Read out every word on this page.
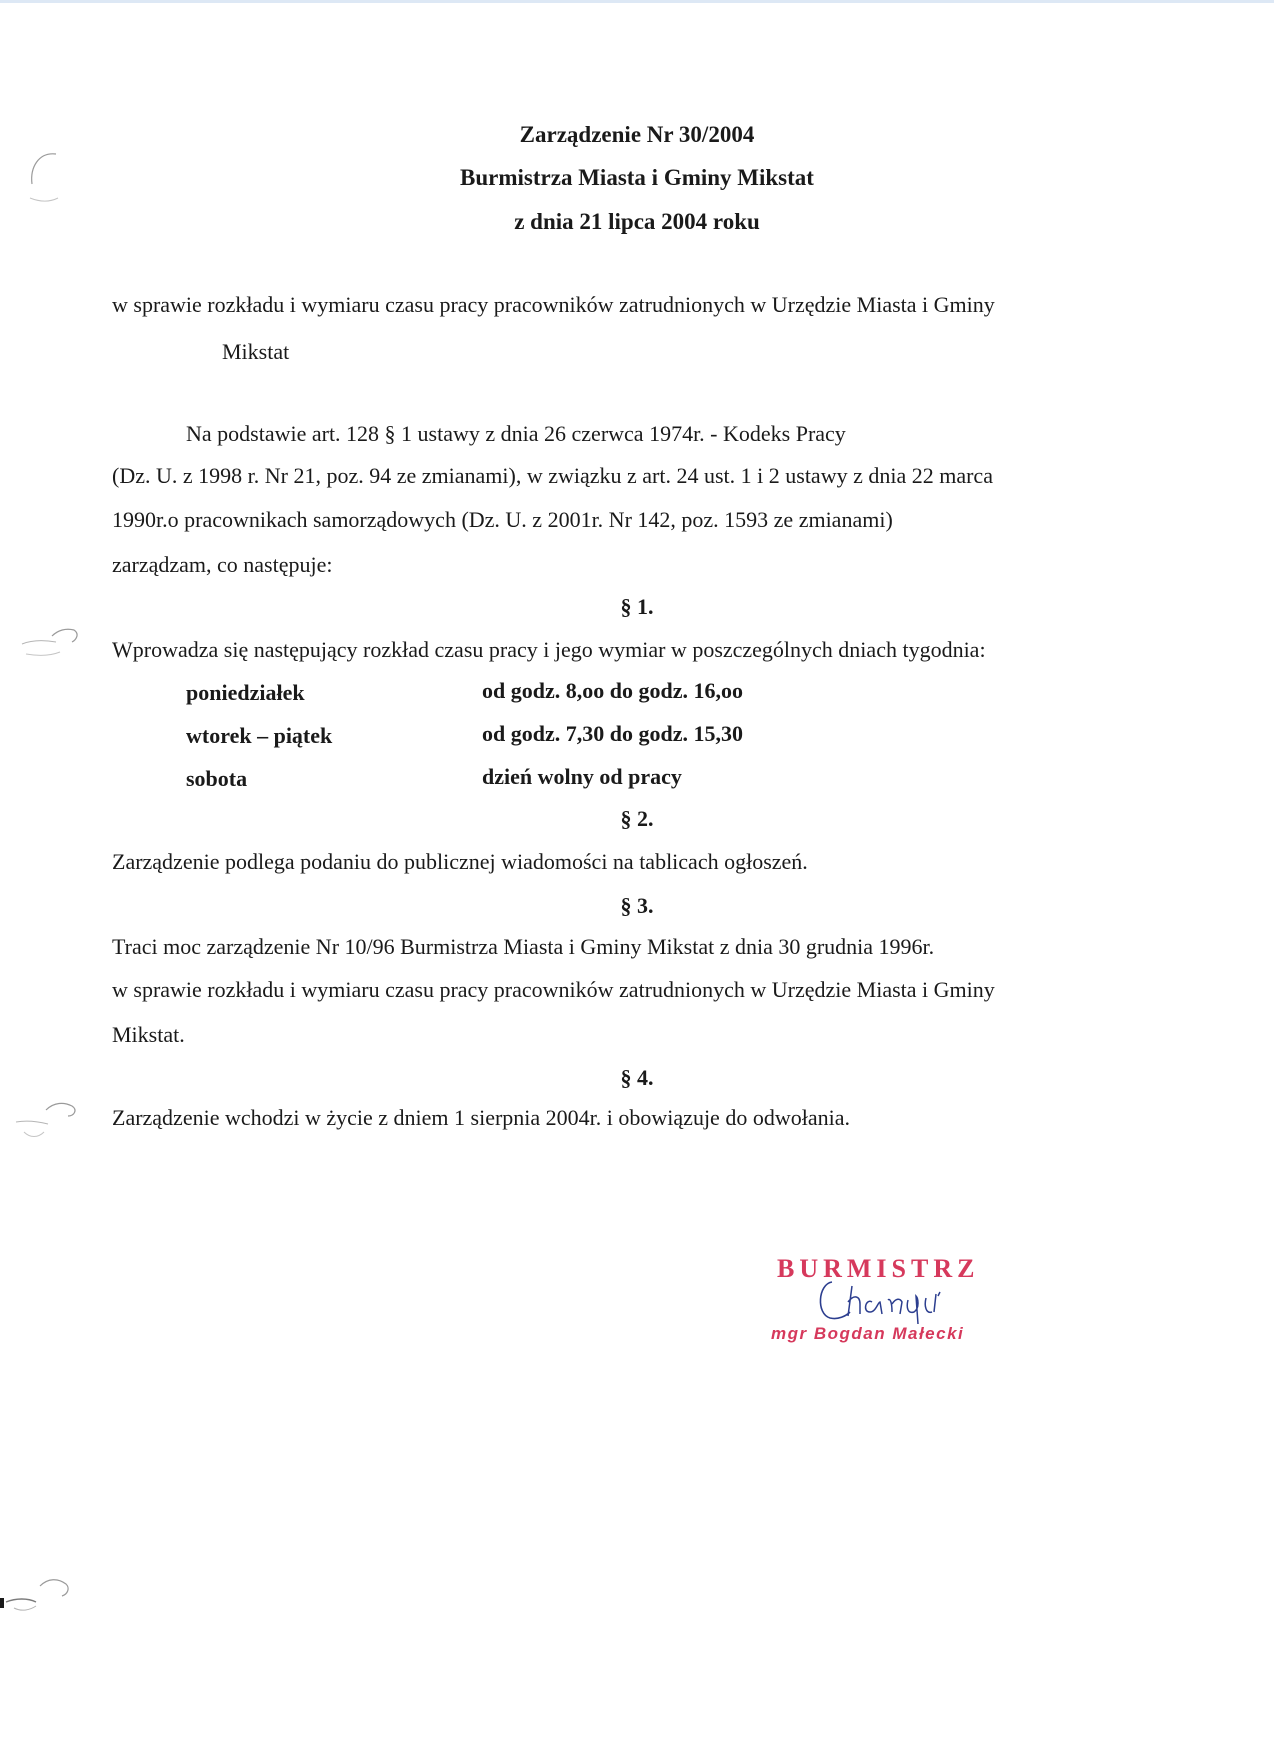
Zarządzenie Nr 30/2004
Burmistrza Miasta i Gminy Mikstat
z dnia 21 lipca 2004 roku
w sprawie rozkładu i wymiaru czasu pracy pracowników zatrudnionych w Urzędzie Miasta i Gminy
Mikstat
Na podstawie art. 128 § 1 ustawy z dnia 26 czerwca 1974r. - Kodeks Pracy
(Dz. U. z 1998 r. Nr 21, poz. 94 ze zmianami), w związku z art. 24 ust. 1 i 2 ustawy z dnia 22 marca
1990r.o pracownikach samorządowych (Dz. U. z 2001r. Nr 142, poz. 1593 ze zmianami)
zarządzam, co następuje:
§ 1.
Wprowadza się następujący rozkład czasu pracy i jego wymiar w poszczególnych dniach tygodnia:
poniedziałek	od godz. 8,oo do godz. 16,oo
wtorek – piątek	od godz. 7,30 do godz. 15,30
sobota	dzień wolny od pracy
§ 2.
Zarządzenie podlega podaniu do publicznej wiadomości na tablicach ogłoszeń.
§ 3.
Traci moc zarządzenie Nr 10/96 Burmistrza Miasta i Gminy Mikstat z dnia 30 grudnia 1996r.
w sprawie rozkładu i wymiaru czasu pracy pracowników zatrudnionych w Urzędzie Miasta i Gminy
Mikstat.
§ 4.
Zarządzenie wchodzi w życie z dniem 1 sierpnia 2004r. i obowiązuje do odwołania.
BURMISTRZ
mgr Bogdan Małecki
